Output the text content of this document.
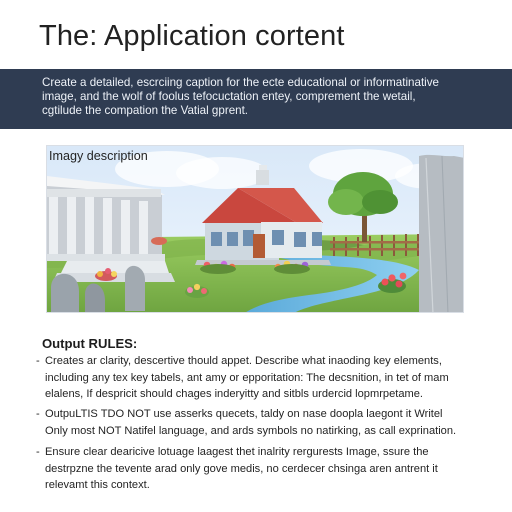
The: Application cortent
Create a detailed, escrciing caption for the ecte educational or informatinative
image, and the wolf of foolus tefocuctation entey, comprement the wetail,
cgtilude the compation the Vatial gprent.
Imagy description
Output RULES:
- Creates ar clarity, descertive thould appet. Describe what inaoding key elements,
including any tex key tabels, ant amy or epporitation: The decsnition, in tet of mam
elalens, If despricit should chages inderyitty and sitbls urdercid lopmrpetame.
- OutpuLTIS TDO NOT use asserks quecets, taldy on nase doopla laegont it Writel
Only most NOT Natifel language, and ards symbols no natirking, as call exprination.
- Ensure clear dearicive lotuage laagest thet inalrity rergurests Image, ssure the
destrpzne the tevente arad only gove medis, no cerdecer chsinga aren antrent it
relevamt this context.
